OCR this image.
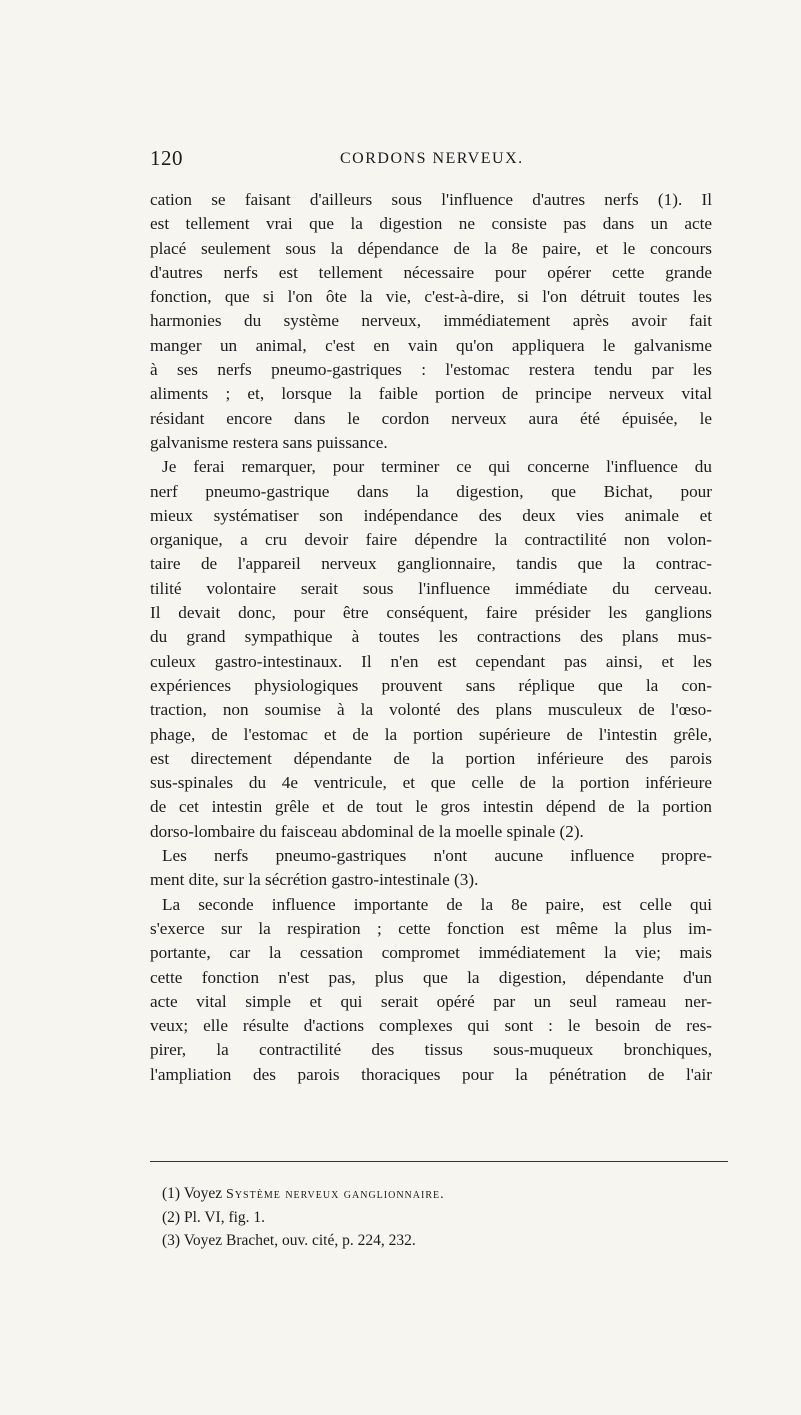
120	CORDONS NERVEUX.
cation se faisant d'ailleurs sous l'influence d'autres nerfs (1). Il
est tellement vrai que la digestion ne consiste pas dans un acte
placé seulement sous la dépendance de la 8e paire, et le concours
d'autres nerfs est tellement nécessaire pour opérer cette grande
fonction, que si l'on ôte la vie, c'est-à-dire, si l'on détruit toutes les
harmonies du système nerveux, immédiatement après avoir fait
manger un animal, c'est en vain qu'on appliquera le galvanisme
à ses nerfs pneumo-gastriques : l'estomac restera tendu par les
aliments ; et, lorsque la faible portion de principe nerveux vital
résidant encore dans le cordon nerveux aura été épuisée, le
galvanisme restera sans puissance.
Je ferai remarquer, pour terminer ce qui concerne l'influence du
nerf pneumo-gastrique dans la digestion, que Bichat, pour
mieux systématiser son indépendance des deux vies animale et
organique, a cru devoir faire dépendre la contractilité non volon-
taire de l'appareil nerveux ganglionnaire, tandis que la contrac-
tilité volontaire serait sous l'influence immédiate du cerveau.
Il devait donc, pour être conséquent, faire présider les ganglions
du grand sympathique à toutes les contractions des plans mus-
culeux gastro-intestinaux. Il n'en est cependant pas ainsi, et les
expériences physiologiques prouvent sans réplique que la con-
traction, non soumise à la volonté des plans musculeux de l'œso-
phage, de l'estomac et de la portion supérieure de l'intestin grêle,
est directement dépendante de la portion inférieure des parois
sus-spinales du 4e ventricule, et que celle de la portion inférieure
de cet intestin grêle et de tout le gros intestin dépend de la portion
dorso-lombaire du faisceau abdominal de la moelle spinale (2).
Les nerfs pneumo-gastriques n'ont aucune influence propre-
ment dite, sur la sécrétion gastro-intestinale (3).
La seconde influence importante de la 8e paire, est celle qui
s'exerce sur la respiration ; cette fonction est même la plus im-
portante, car la cessation compromet immédiatement la vie; mais
cette fonction n'est pas, plus que la digestion, dépendante d'un
acte vital simple et qui serait opéré par un seul rameau ner-
veux; elle résulte d'actions complexes qui sont : le besoin de res-
pirer, la contractilité des tissus sous-muqueux bronchiques,
l'ampliation des parois thoraciques pour la pénétration de l'air
(1) Voyez Système nerveux ganglionnaire.
(2) Pl. VI, fig. 1.
(3) Voyez Brachet, ouv. cité, p. 224, 232.
